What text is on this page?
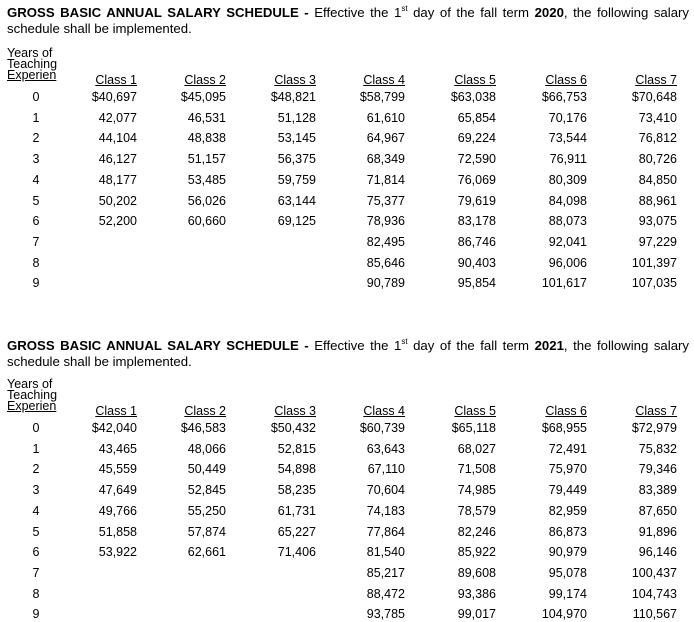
GROSS BASIC ANNUAL SALARY SCHEDULE - Effective the 1st day of the fall term 2020, the following salary schedule shall be implemented.
Years of
Teaching
Experien
0
1
2
3
4
5
6
7
8
9
Class 1
$40,697
42,077
44,104
46,127
48,177
50,202
52,200
Class 2
$45,095
46,531
48,838
51,157
53,485
56,026
60,660
Class 3
$48,821
51,128
53,145
56,375
59,759
63,144
69,125
Class 4
$58,799
61,610
64,967
68,349
71,814
75,377
78,936
82,495
85,646
90,789
Class 5
$63,038
65,854
69,224
72,590
76,069
79,619
83,178
86,746
90,403
95,854
Class 6
$66,753
70,176
73,544
76,911
80,309
84,098
88,073
92,041
96,006
101,617
Class 7
$70,648
73,410
76,812
80,726
84,850
88,961
93,075
97,229
101,397
107,035
GROSS BASIC ANNUAL SALARY SCHEDULE - Effective the 1st day of the fall term 2021, the following salary schedule shall be implemented.
Years of
Teaching
Experien
0
1
2
3
4
5
6
7
8
9
Class 1
$42,040
43,465
45,559
47,649
49,766
51,858
53,922
Class 2
$46,583
48,066
50,449
52,845
55,250
57,874
62,661
Class 3
$50,432
52,815
54,898
58,235
61,731
65,227
71,406
Class 4
$60,739
63,643
67,110
70,604
74,183
77,864
81,540
85,217
88,472
93,785
Class 5
$65,118
68,027
71,508
74,985
78,579
82,246
85,922
89,608
93,386
99,017
Class 6
$68,955
72,491
75,970
79,449
82,959
86,873
90,979
95,078
99,174
104,970
Class 7
$72,979
75,832
79,346
83,389
87,650
91,896
96,146
100,437
104,743
110,567
